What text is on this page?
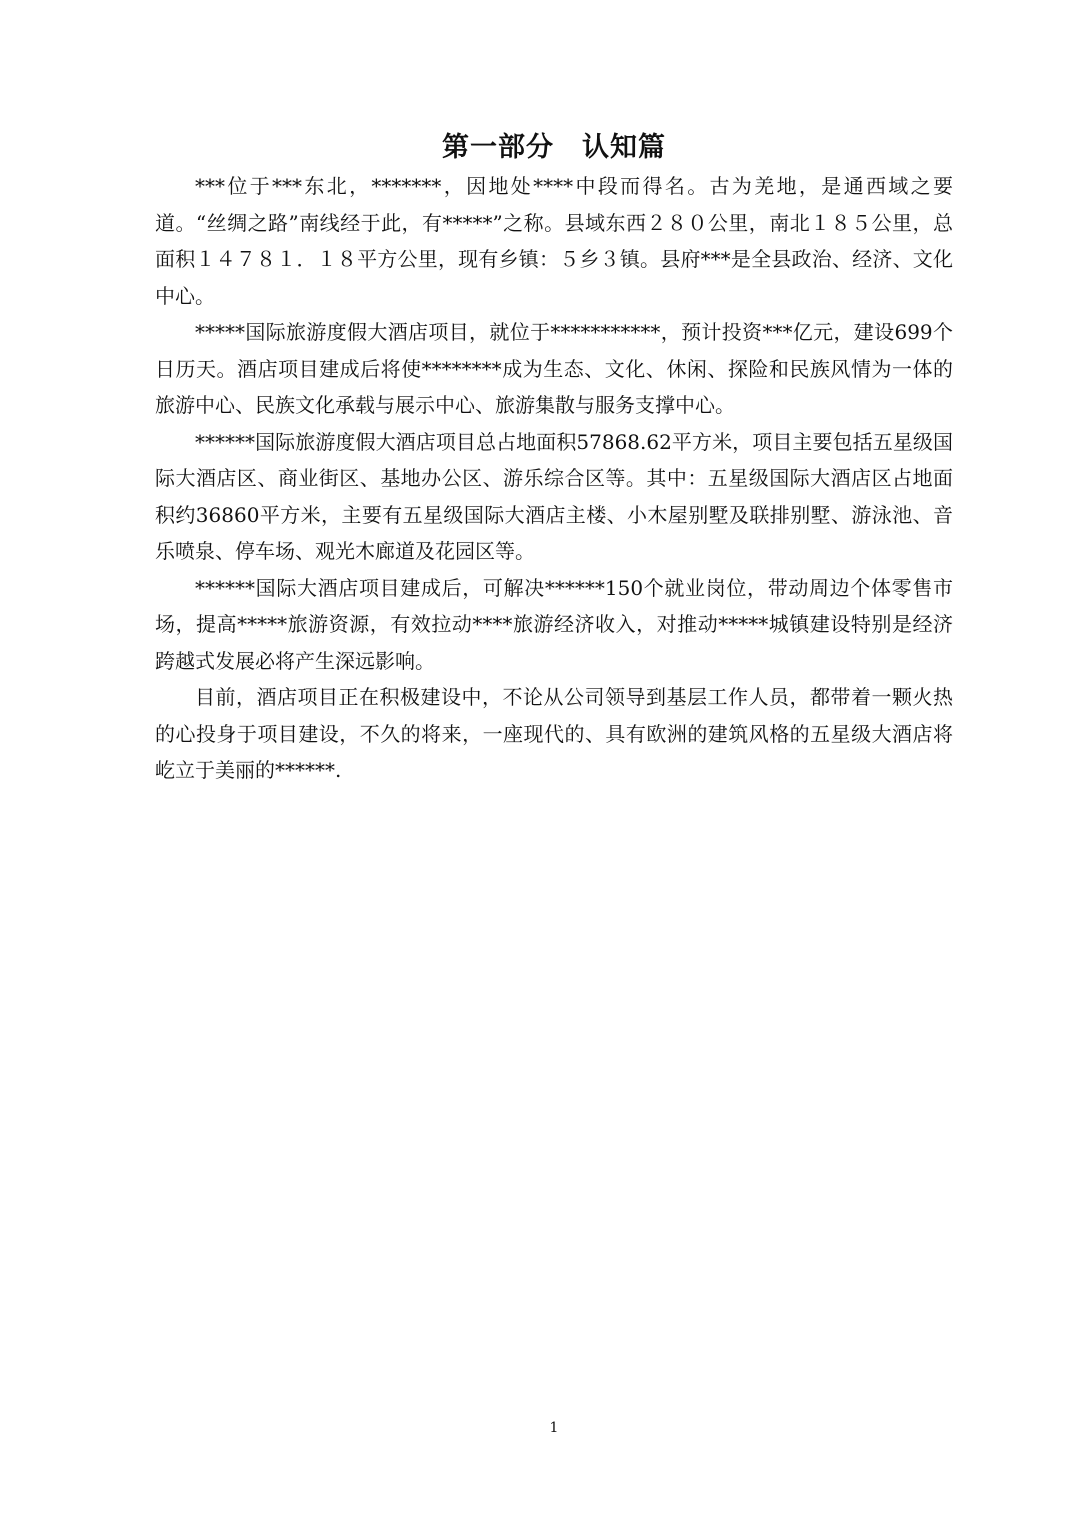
第一部分　认知篇

***位于***东北，*******，因地处****中段而得名。古为羌地，是通西域之要道。“丝绸之路”南线经于此，有*****”之称。县域东西２８０公里，南北１８５公里，总面积１４７８１．１８平方公里，现有乡镇：５乡３镇。县府***是全县政治、经济、文化中心。

*****国际旅游度假大酒店项目，就位于***********，预计投资***亿元，建设699个日历天。酒店项目建成后将使********成为生态、文化、休闲、探险和民族风情为一体的旅游中心、民族文化承载与展示中心、旅游集散与服务支撑中心。

******国际旅游度假大酒店项目总占地面积57868.62平方米，项目主要包括五星级国际大酒店区、商业街区、基地办公区、游乐综合区等。其中：五星级国际大酒店区占地面积约36860平方米，主要有五星级国际大酒店主楼、小木屋别墅及联排别墅、游泳池、音乐喷泉、停车场、观光木廊道及花园区等。

******国际大酒店项目建成后，可解决******150个就业岗位，带动周边个体零售市场，提高*****旅游资源，有效拉动****旅游经济收入，对推动*****城镇建设特别是经济跨越式发展必将产生深远影响。

目前，酒店项目正在积极建设中，不论从公司领导到基层工作人员，都带着一颗火热的心投身于项目建设，不久的将来，一座现代的、具有欧洲的建筑风格的五星级大酒店将屹立于美丽的******.

1
